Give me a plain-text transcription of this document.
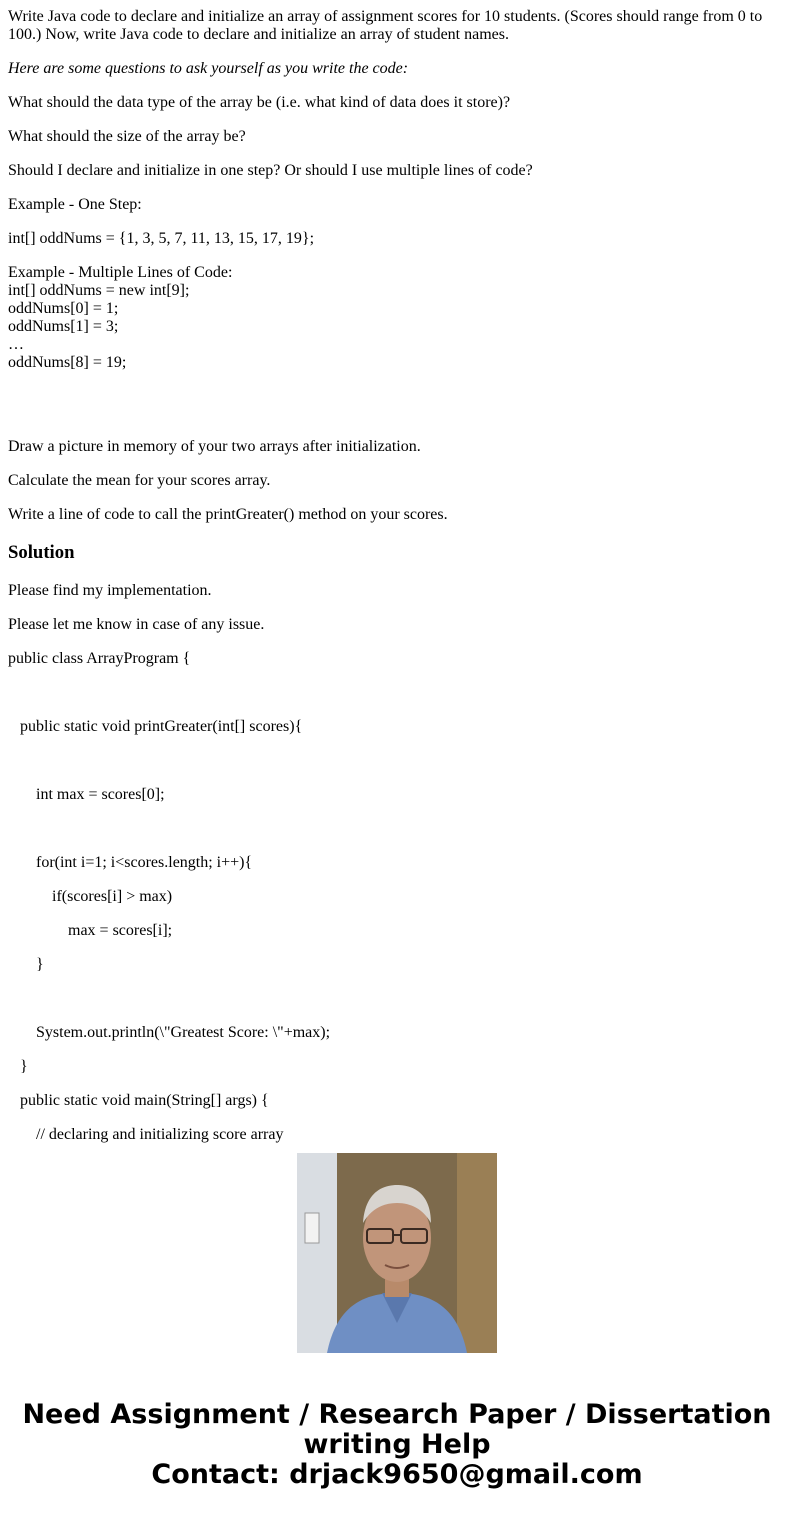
Write Java code to declare and initialize an array of assignment scores for 10 students. (Scores should range from 0 to 100.) Now, write Java code to declare and initialize an array of student names.

Here are some questions to ask yourself as you write the code:

What should the data type of the array be (i.e. what kind of data does it store)?

What should the size of the array be?

Should I declare and initialize in one step? Or should I use multiple lines of code?

Example - One Step:

int[] oddNums = {1, 3, 5, 7, 11, 13, 15, 17, 19};

Example - Multiple Lines of Code:
int[] oddNums = new int[9];
oddNums[0] = 1;
oddNums[1] = 3;
…
oddNums[8] = 19;

Draw a picture in memory of your two arrays after initialization.

Calculate the mean for your scores array.

Write a line of code to call the printGreater() method on your scores.

Solution

Please find my implementation.

Please let me know in case of any issue.

public class ArrayProgram {
public static void printGreater(int[] scores){
int max = scores[0];
for(int i=1; i<scores.length; i++){
if(scores[i] > max)
max = scores[i];
}
System.out.println(\"Greatest Score: \"+max);
}
public static void main(String[] args) {
// declaring and initializing score array
Need Assignment / Research Paper / Dissertation
writing Help
Contact: drjack9650@gmail.com
